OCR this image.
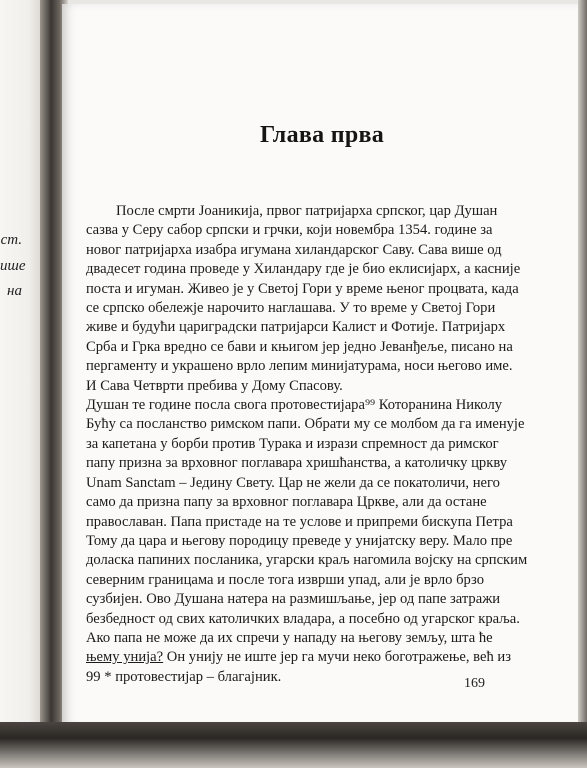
ст.
ише
на
Глава прва
После смрти Јоаникија, првог патријарха српског, цар Душан
сазва у Серу сабор српски и грчки, који новембра 1354. године за
новог патријарха изабра игумана хиландарског Саву. Сава више од
двадесет година проведе у Хиландару где је био еклисијарх, а касније
поста и игуман. Живео је у Светој Гори у време њеног процвата, када
се српско обележје нарочито наглашава. У то време у Светој Гори
живе и будући цариградски патријарси Калист и Фотије. Патријарх
Срба и Грка вредно се бави и књигом јер једно Јеванђеље, писано на
пергаменту и украшено врло лепим минијатурама, носи његово име.
И Сава Четврти пребива у Дому Спасову.
Душан те године посла свога протовестијара⁹⁹ Которанина Николу
Бућу са посланство римском папи. Обрати му се молбом да га именује
за капетана у борби против Турака и изрази спремност да римског
папу призна за врховног поглавара хришћанства, а католичку цркву
Unam Sanctam – Једину Свету. Цар не жели да се покатоличи, него
само да призна папу за врховног поглавара Цркве, али да остане
православан. Папа пристаде на те услове и припреми бискупа Петра
Тому да цара и његову породицу преведе у унијатску веру. Мало пре
доласка папиних посланика, угарски краљ нагомила војску на српским
северним границама и после тога изврши упад, али је врло брзо
сузбијен. Ово Душана натера на размишљање, јер од папе затражи
безбедност од свих католичких владара, а посебно од угарског краља.
Ако папа не може да их спречи у нападу на његову земљу, шта ће
њему унија? Он унију не иште јер га мучи неко боготражење, већ из
99 * протовестијар – благајник.	169
